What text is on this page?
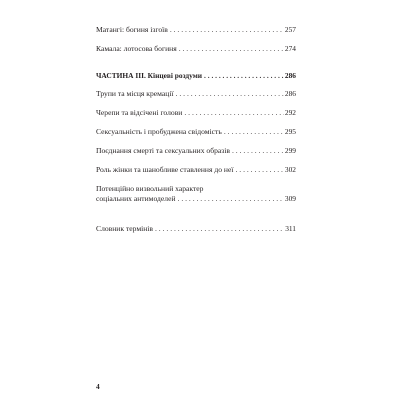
Матангі: богиня ізгоїв . . .	257
Камала: лотосова богиня . . .	274
ЧАСТИНА ІІІ. Кінцеві роздуми . . .	286
Трупи та місця кремації . . .	286
Черепи та відсічені голови . . .	292
Сексуальність і пробуджена свідомість . . .	295
Поєднання смерті та сексуальних образів . . .	299
Роль жінки та шанобливе ставлення до неї . . .	302
Потенційно визвольний характер
соціальних антимоделей . . .	309
Словник термінів . . .	311
4
